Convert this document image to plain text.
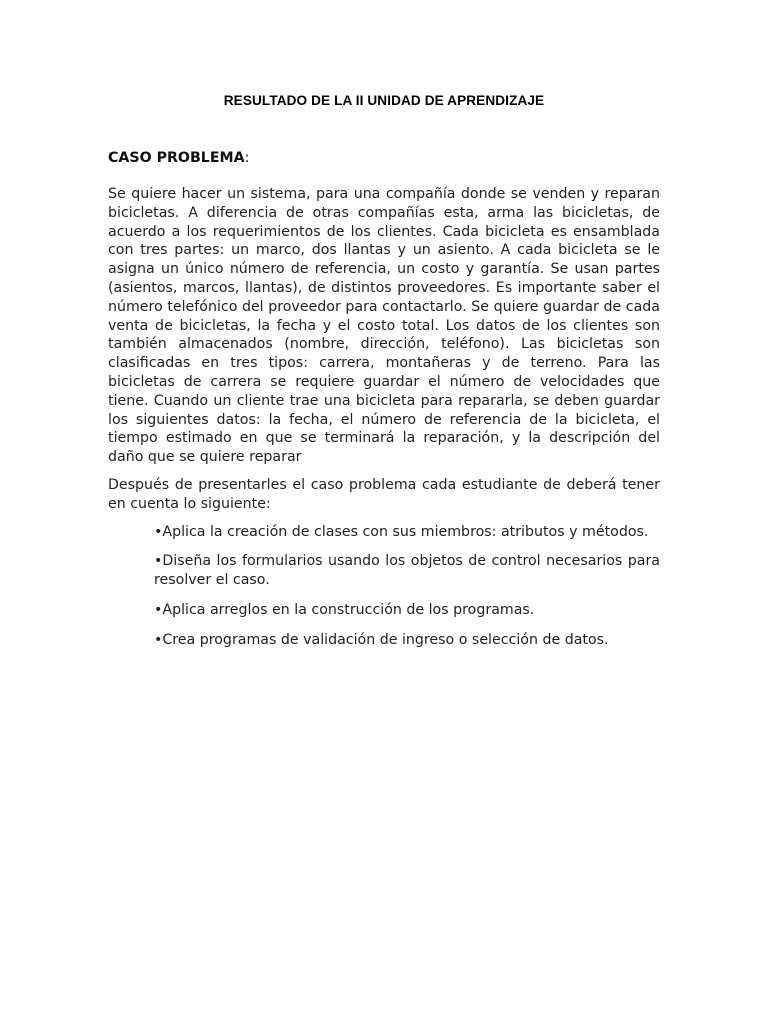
RESULTADO DE LA II UNIDAD DE APRENDIZAJE
CASO PROBLEMA:

Se quiere hacer un sistema, para una compañía donde se venden y reparan bicicletas. A diferencia de otras compañías esta, arma las bicicletas, de acuerdo a los requerimientos de los clientes. Cada bicicleta es ensamblada con tres partes: un marco, dos llantas y un asiento. A cada bicicleta se le asigna un único número de referencia, un costo y garantía. Se usan partes (asientos, marcos, llantas), de distintos proveedores. Es importante saber el número telefónico del proveedor para contactarlo. Se quiere guardar de cada venta de bicicletas, la fecha y el costo total. Los datos de los clientes son también almacenados (nombre, dirección, teléfono). Las bicicletas son clasificadas en tres tipos: carrera, montañeras y de terreno. Para las bicicletas de carrera se requiere guardar el número de velocidades que tiene. Cuando un cliente trae una bicicleta para repararla, se deben guardar los siguientes datos: la fecha, el número de referencia de la bicicleta, el tiempo estimado en que se terminará la reparación, y la descripción del daño que se quiere reparar

Después de presentarles el caso problema cada estudiante de deberá tener en cuenta lo siguiente:

•Aplica la creación de clases con sus miembros: atributos y métodos.
•Diseña los formularios usando los objetos de control necesarios para resolver el caso.
•Aplica arreglos en la construcción de los programas.
•Crea programas de validación de ingreso o selección de datos.
